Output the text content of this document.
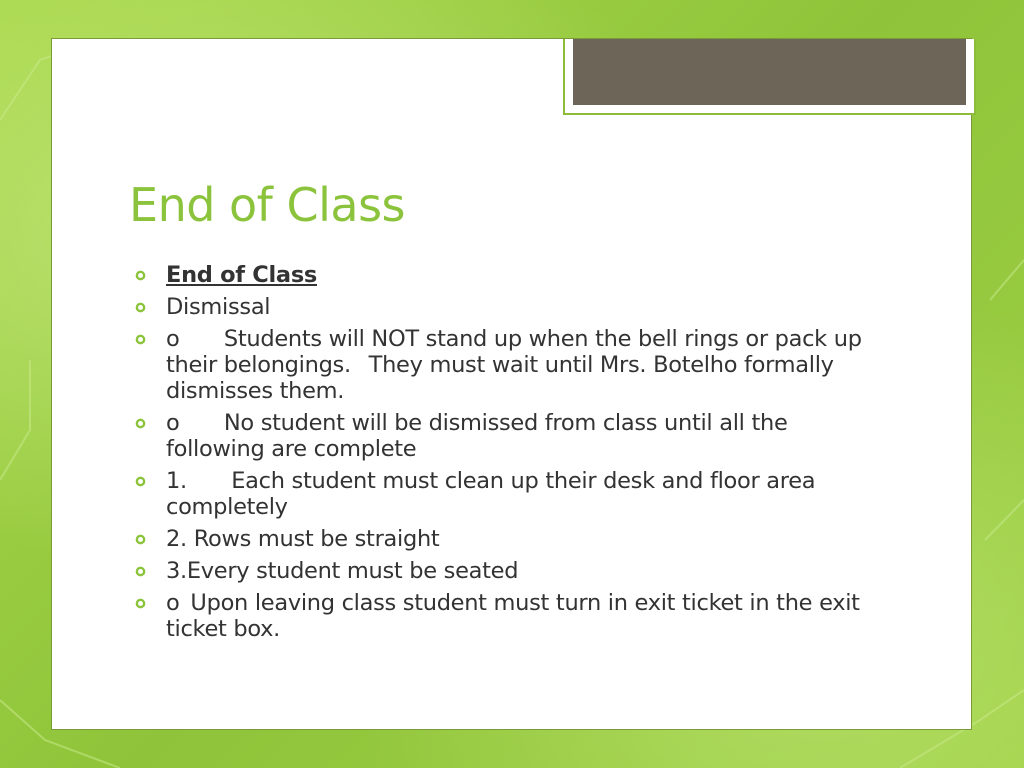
End of Class
End of Class
Dismissal
o  Students will NOT stand up when the bell rings or pack up their belongings.  They must wait until Mrs. Botelho formally dismisses them.
o  No student will be dismissed from class until all the following are complete
1.  Each student must clean up their desk and floor area completely
2. Rows must be straight
3.Every student must be seated
o Upon leaving class student must turn in exit ticket in the exit ticket box.
